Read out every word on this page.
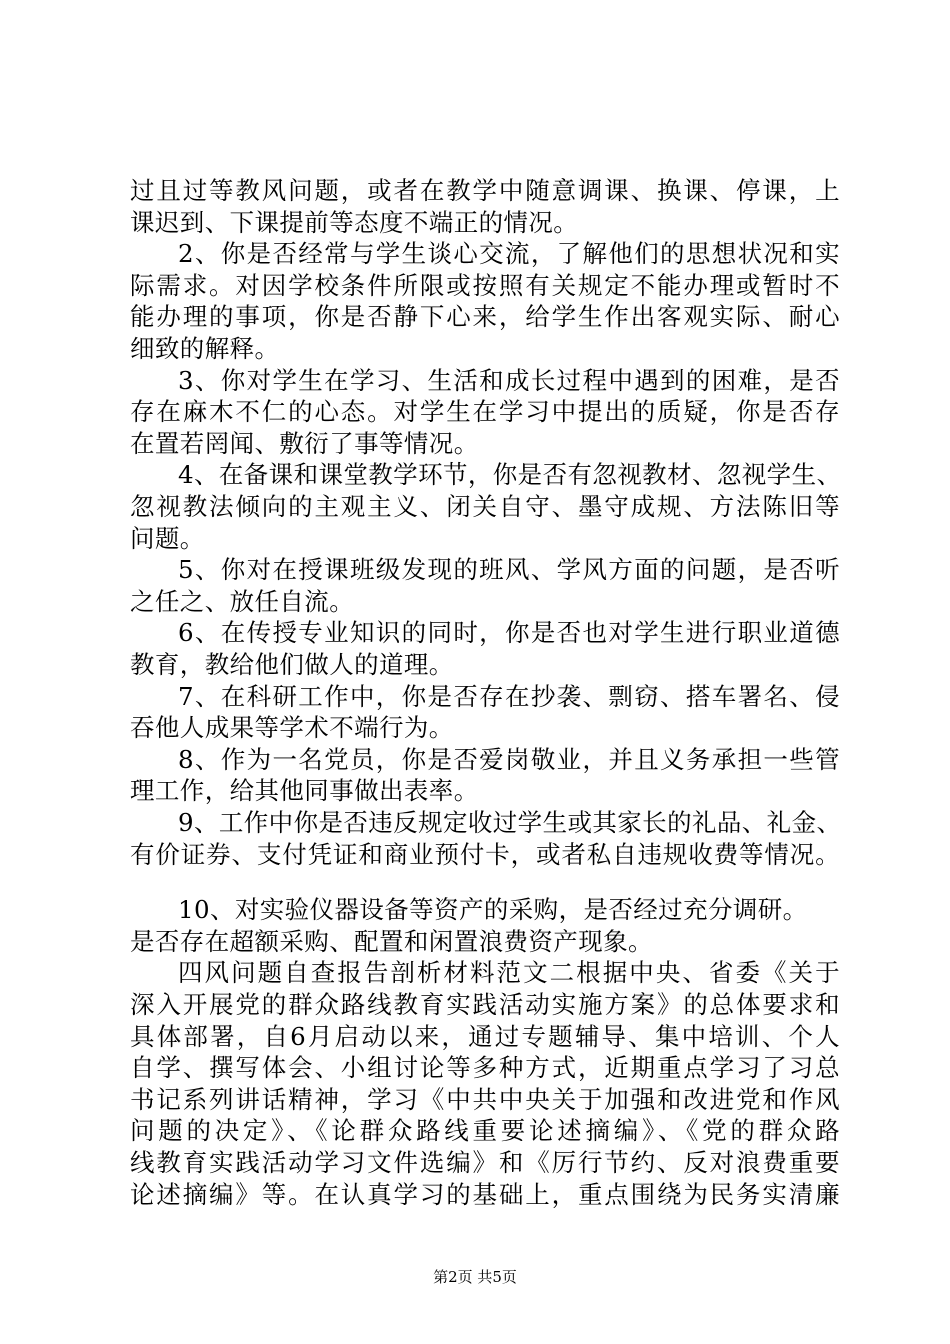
过且过等教风问题，或者在教学中随意调课、换课、停课，上
课迟到、下课提前等态度不端正的情况。
2、你是否经常与学生谈心交流，了解他们的思想状况和实
际需求。对因学校条件所限或按照有关规定不能办理或暂时不
能办理的事项，你是否静下心来，给学生作出客观实际、耐心
细致的解释。
3、你对学生在学习、生活和成长过程中遇到的困难，是否
存在麻木不仁的心态。对学生在学习中提出的质疑，你是否存
在置若罔闻、敷衍了事等情况。
4、在备课和课堂教学环节，你是否有忽视教材、忽视学生、
忽视教法倾向的主观主义、闭关自守、墨守成规、方法陈旧等
问题。
5、你对在授课班级发现的班风、学风方面的问题，是否听
之任之、放任自流。
6、在传授专业知识的同时，你是否也对学生进行职业道德
教育，教给他们做人的道理。
7、在科研工作中，你是否存在抄袭、剽窃、搭车署名、侵
吞他人成果等学术不端行为。
8、作为一名党员，你是否爱岗敬业，并且义务承担一些管
理工作，给其他同事做出表率。
9、工作中你是否违反规定收过学生或其家长的礼品、礼金、
有价证券、支付凭证和商业预付卡，或者私自违规收费等情况。
10、对实验仪器设备等资产的采购，是否经过充分调研。
是否存在超额采购、配置和闲置浪费资产现象。
四风问题自查报告剖析材料范文二根据中央、省委《关于
深入开展党的群众路线教育实践活动实施方案》的总体要求和
具体部署，自6月启动以来，通过专题辅导、集中培训、个人
自学、撰写体会、小组讨论等多种方式，近期重点学习了习总
书记系列讲话精神，学习《中共中央关于加强和改进党和作风
问题的决定》、《论群众路线重要论述摘编》、《党的群众路
线教育实践活动学习文件选编》和《厉行节约、反对浪费重要
论述摘编》等。在认真学习的基础上，重点围绕为民务实清廉
第2页 共5页
